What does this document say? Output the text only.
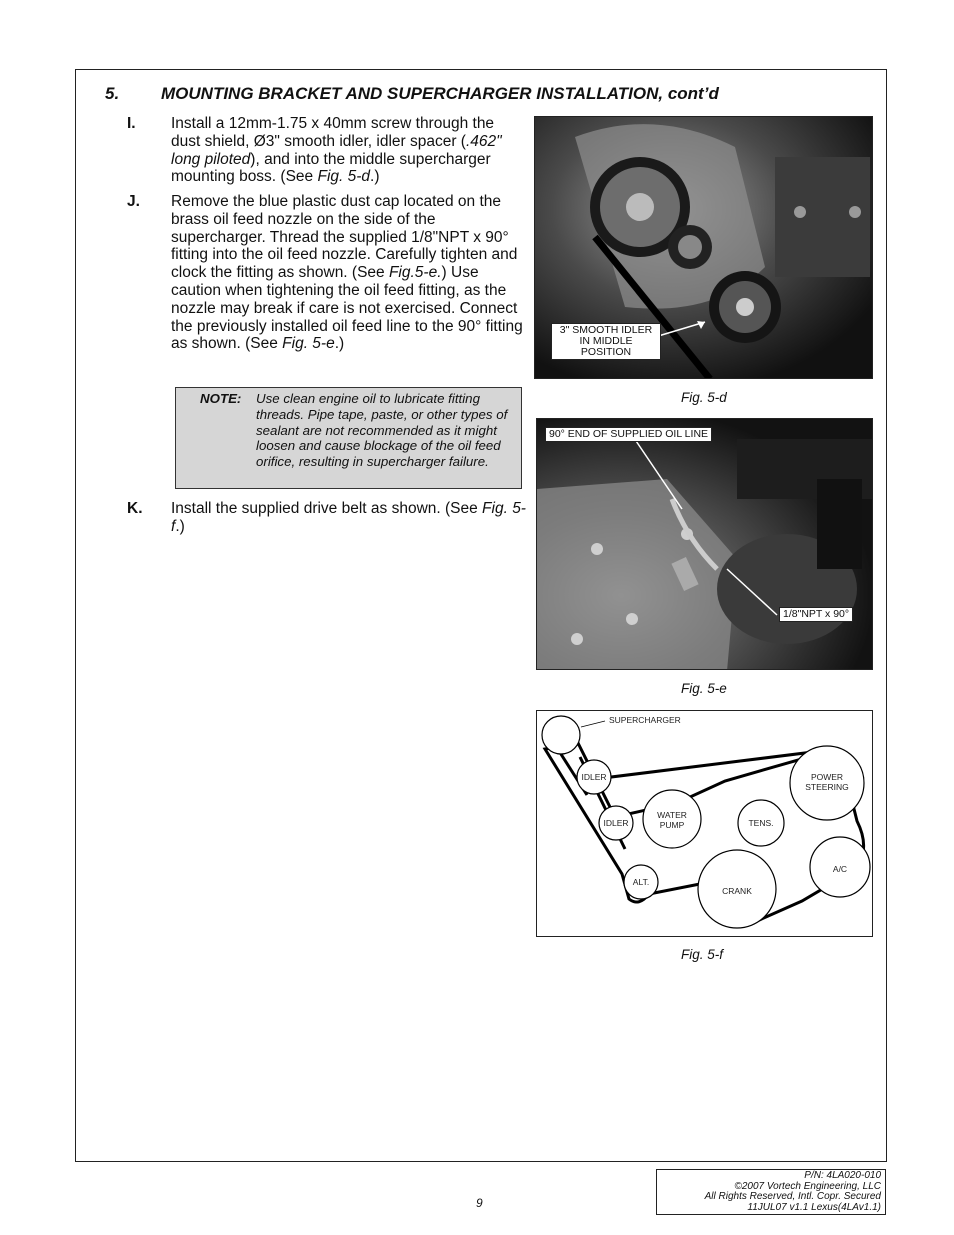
5. MOUNTING BRACKET AND SUPERCHARGER INSTALLATION, cont’d
I. Install a 12mm-1.75 x 40mm screw through the dust shield, Ø3" smooth idler, idler spacer (.462" long piloted), and into the middle supercharger mounting boss. (See Fig. 5-d.)
J. Remove the blue plastic dust cap located on the brass oil feed nozzle on the side of the supercharger. Thread the supplied 1/8"NPT x 90° fitting into the oil feed nozzle. Carefully tighten and clock the fitting as shown. (See Fig.5-e.) Use caution when tightening the oil feed fitting, as the nozzle may break if care is not exercised. Connect the previously installed oil feed line to the 90° fitting as shown. (See Fig. 5-e.)
NOTE: Use clean engine oil to lubricate fitting threads. Pipe tape, paste, or other types of sealant are not recommended as it might loosen and cause blockage of the oil feed orifice, resulting in supercharger failure.
K. Install the supplied drive belt as shown. (See Fig. 5-f.)
3" SMOOTH IDLER
IN MIDDLE POSITION
Fig. 5-d
90° END OF SUPPLIED OIL LINE
1/8"NPT x 90°
Fig. 5-e
SUPERCHARGER
IDLER
IDLER
WATER
PUMP
POWER
STEERING
TENS.
ALT.
CRANK
A/C
Fig. 5-f
9
P/N: 4LA020-010
©2007 Vortech Engineering, LLC
All Rights Reserved, Intl. Copr. Secured
11JUL07 v1.1 Lexus(4LAv1.1)
